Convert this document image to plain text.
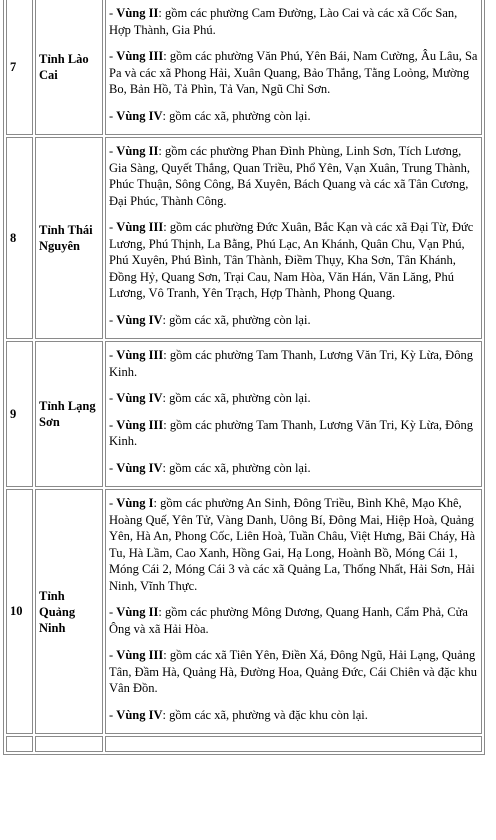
7	Tỉnh Lào Cai	- Vùng II: gồm các phường Cam Đường, Lào Cai và các xã Cốc San, Hợp Thành, Gia Phú.

- Vùng III: gồm các phường Văn Phú, Yên Bái, Nam Cường, Âu Lâu, Sa Pa và các xã Phong Hải, Xuân Quang, Bảo Thắng, Tằng Loỏng, Mường Bo, Bản Hồ, Tả Phìn, Tả Van, Ngũ Chỉ Sơn.

- Vùng IV: gồm các xã, phường còn lại.

8	Tỉnh Thái Nguyên	- Vùng II: gồm các phường Phan Đình Phùng, Linh Sơn, Tích Lương, Gia Sàng, Quyết Thắng, Quan Triều, Phổ Yên, Vạn Xuân, Trung Thành, Phúc Thuận, Sông Công, Bá Xuyên, Bách Quang và các xã Tân Cương, Đại Phúc, Thành Công.

- Vùng III: gồm các phường Đức Xuân, Bắc Kạn và các xã Đại Từ, Đức Lương, Phú Thịnh, La Bằng, Phú Lạc, An Khánh, Quân Chu, Vạn Phú, Phú Xuyên, Phú Bình, Tân Thành, Điềm Thụy, Kha Sơn, Tân Khánh, Đồng Hỷ, Quang Sơn, Trại Cau, Nam Hòa, Văn Hán, Văn Lăng, Phú Lương, Vô Tranh, Yên Trạch, Hợp Thành, Phong Quang.

- Vùng IV: gồm các xã, phường còn lại.

9	Tỉnh Lạng Sơn	- Vùng III: gồm các phường Tam Thanh, Lương Văn Tri, Kỳ Lừa, Đông Kinh.

- Vùng IV: gồm các xã, phường còn lại.

- Vùng III: gồm các phường Tam Thanh, Lương Văn Tri, Kỳ Lừa, Đông Kinh.

- Vùng IV: gồm các xã, phường còn lại.

10	Tỉnh Quảng Ninh	- Vùng I: gồm các phường An Sinh, Đông Triều, Bình Khê, Mạo Khê, Hoàng Quế, Yên Tử, Vàng Danh, Uông Bí, Đông Mai, Hiệp Hoà, Quảng Yên, Hà An, Phong Cốc, Liên Hoà, Tuần Châu, Việt Hưng, Bãi Cháy, Hà Tu, Hà Lầm, Cao Xanh, Hồng Gai, Hạ Long, Hoành Bồ, Móng Cái 1, Móng Cái 2, Móng Cái 3 và các xã Quảng La, Thống Nhất, Hải Sơn, Hải Ninh, Vĩnh Thực.

- Vùng II: gồm các phường Mông Dương, Quang Hanh, Cẩm Phả, Cửa Ông và xã Hải Hòa.

- Vùng III: gồm các xã Tiên Yên, Điền Xá, Đông Ngũ, Hải Lạng, Quảng Tân, Đầm Hà, Quảng Hà, Đường Hoa, Quảng Đức, Cái Chiên và đặc khu Vân Đồn.

- Vùng IV: gồm các xã, phường và đặc khu còn lại.
